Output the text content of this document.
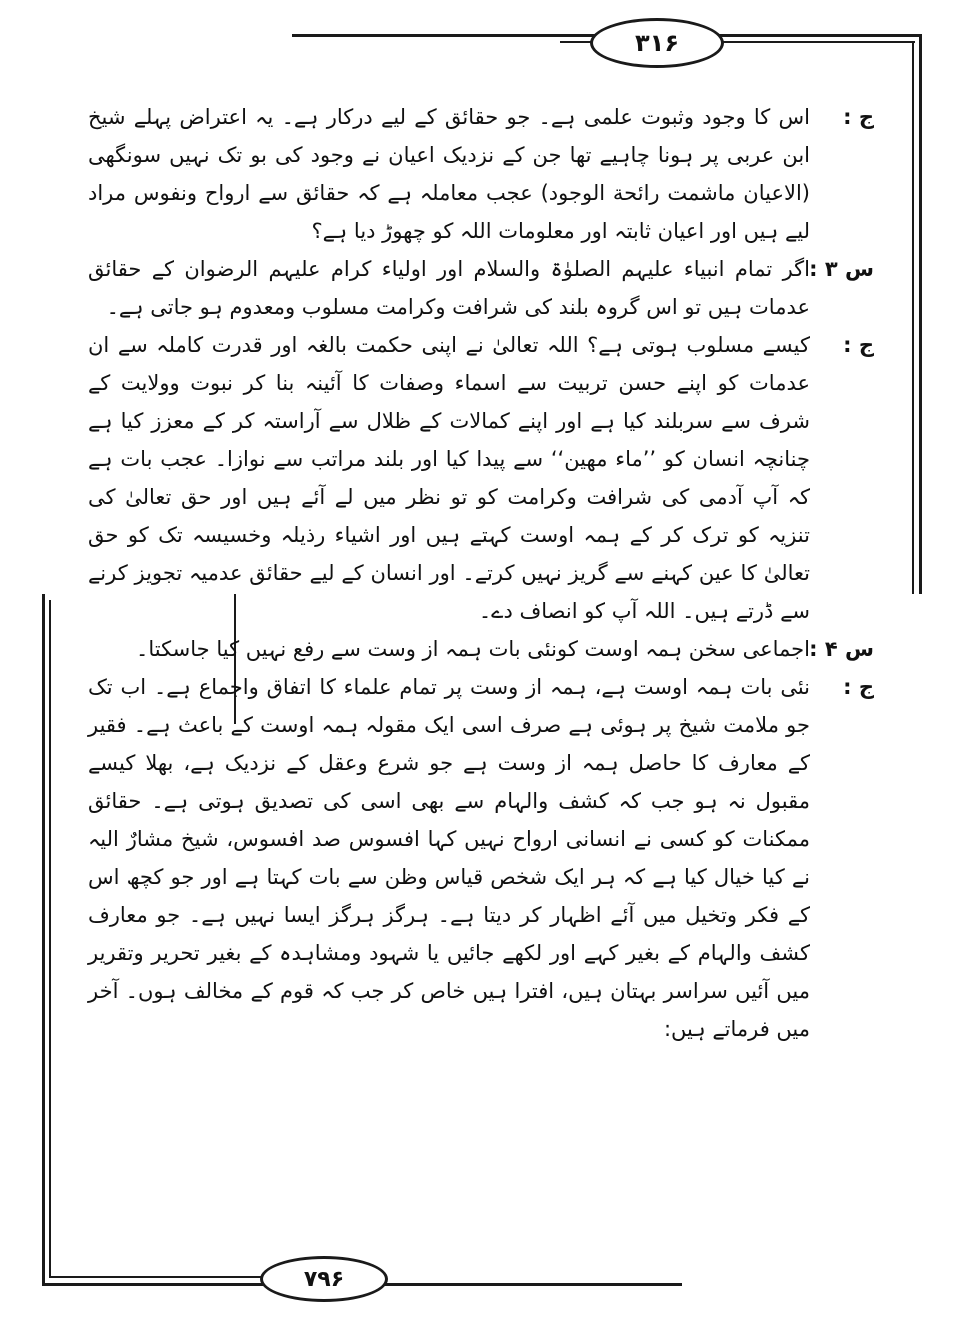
۳۱۶
۷۹۶
ج :
اس کا وجود وثبوت علمی ہے۔ جو حقائق کے لیے درکار ہے۔ یہ اعتراض پہلے شیخ ابن عربی پر ہونا چاہیے تھا جن کے نزدیک اعیان نے وجود کی بو تک نہیں سونگھی (الاعیان ماشمت رائحة الوجود) عجب معاملہ ہے کہ حقائق سے ارواح ونفوس مراد لیے ہیں اور اعیان ثابتہ اور معلومات اللہ کو چھوڑ دیا ہے؟
س ۳ :
اگر تمام انبیاء علیہم الصلوٰۃ والسلام اور اولیاء کرام علیہم الرضوان کے حقائق عدمات ہیں تو اس گروہ بلند کی شرافت وکرامت مسلوب ومعدوم ہو جاتی ہے۔
ج :
کیسے مسلوب ہوتی ہے؟ اللہ تعالیٰ نے اپنی حکمت بالغہ اور قدرت کاملہ سے ان عدمات کو اپنے حسن تربیت سے اسماء وصفات کا آئینہ بنا کر نبوت وولایت کے شرف سے سربلند کیا ہے اور اپنے کمالات کے ظلال سے آراستہ کر کے معزز کیا ہے چنانچہ انسان کو ’’ماء مھین‘‘ سے پیدا کیا اور بلند مراتب سے نوازا۔ عجب بات ہے کہ آپ آدمی کی شرافت وکرامت کو تو نظر میں لے آئے ہیں اور حق تعالیٰ کی تنزیہ کو ترک کر کے ہمہ اوست کہتے ہیں اور اشیاء رذیلہ وخسیسہ تک کو حق تعالیٰ کا عین کہنے سے گریز نہیں کرتے۔ اور انسان کے لیے حقائق عدمیہ تجویز کرنے سے ڈرتے ہیں۔ اللہ آپ کو انصاف دے۔
س ۴ :
اجماعی سخن ہمہ اوست کونئی بات ہمہ از وست سے رفع نہیں کیا جاسکتا۔
ج :
نئی بات ہمہ اوست ہے، ہمہ از وست پر تمام علماء کا اتفاق واجماع ہے۔ اب تک جو ملامت شیخ پر ہوئی ہے صرف اسی ایک مقولہ ہمہ اوست کے باعث ہے۔ فقیر کے معارف کا حاصل ہمہ از وست ہے جو شرع وعقل کے نزدیک ہے، بھلا کیسے مقبول نہ ہو جب کہ کشف والہام سے بھی اسی کی تصدیق ہوتی ہے۔ حقائق ممکنات کو کسی نے انسانی ارواح نہیں کہا افسوس صد افسوس، شیخ مشارٌ الیہ نے کیا خیال کیا ہے کہ ہر ایک شخص قیاس وظن سے بات کہتا ہے اور جو کچھ اس کے فکر وتخیل میں آئے اظہار کر دیتا ہے۔ ہرگز ہرگز ایسا نہیں ہے۔ جو معارف کشف والہام کے بغیر کہے اور لکھے جائیں یا شہود ومشاہدہ کے بغیر تحریر وتقریر میں آئیں سراسر بہتان ہیں، افترا ہیں خاص کر جب کہ قوم کے مخالف ہوں۔ آخر میں فرماتے ہیں:
